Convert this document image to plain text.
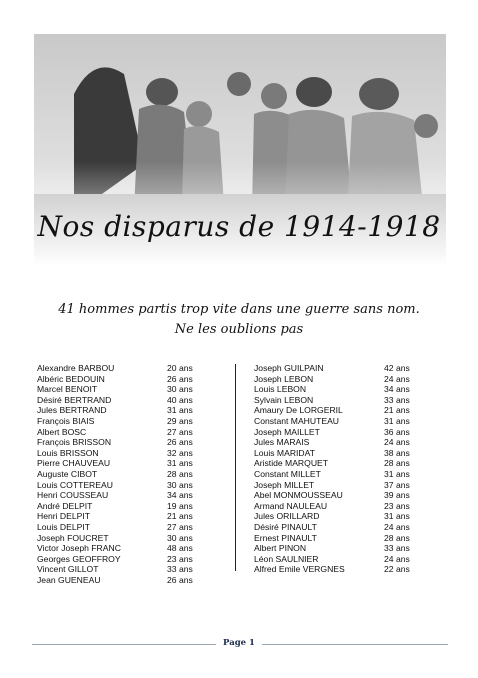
Nos disparus de 1914-1918
41 hommes partis trop vite dans une guerre sans nom.
Ne les oublions pas
Alexandre BARBOU	20 ans
Albéric BEDOUIN	26 ans
Marcel BENOIT	30 ans
Désiré BERTRAND	40 ans
Jules BERTRAND	31 ans
François BIAIS	29 ans
Albert BOSC	27 ans
François BRISSON	26 ans
Louis BRISSON	32 ans
Pierre CHAUVEAU	31 ans
Auguste CIBOT	28 ans
Louis COTTEREAU	30 ans
Henri COUSSEAU	34 ans
André DELPIT	19 ans
Henri DELPIT	21 ans
Louis DELPIT	27 ans
Joseph FOUCRET	30 ans
Victor Joseph FRANC	48 ans
Georges GEOFFROY	23 ans
Vincent GILLOT	33 ans
Jean GUENEAU	26 ans
Joseph GUILPAIN	42 ans
Joseph LEBON	24 ans
Louis LEBON	34 ans
Sylvain LEBON	33 ans
Amaury De LORGERIL	21 ans
Constant MAHUTEAU	31 ans
Joseph MAILLET	36 ans
Jules MARAIS	24 ans
Louis MARIDAT	38 ans
Aristide MARQUET	28 ans
Constant MILLET	31 ans
Joseph MILLET	37 ans
Abel MONMOUSSEAU	39 ans
Armand NAULEAU	23 ans
Jules ORILLARD	31 ans
Désiré PINAULT	24 ans
Ernest PINAULT	28 ans
Albert PINON	33 ans
Léon SAULNIER	24 ans
Alfred Emile VERGNES	22 ans
Page 1
